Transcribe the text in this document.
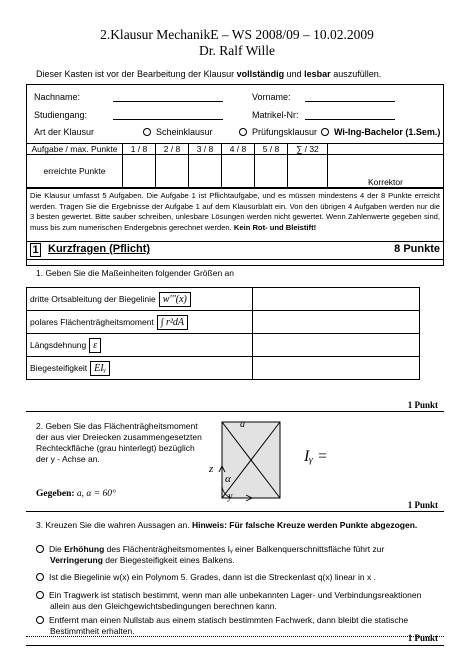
2.Klausur MechanikE – WS 2008/09 – 10.02.2009
Dr. Ralf Wille
Dieser Kasten ist vor der Bearbeitung der Klausur vollständig und lesbar auszufüllen.
Nachname:	Vorname:
Studiengang:	Matrikel-Nr:
Art der Klausur	Scheinklausur	Prüfungsklausur	Wi-Ing-Bachelor (1.Sem.)
Aufgabe / max. Punkte	1 / 8	2 / 8	3 / 8	4 / 8	5 / 8	∑ / 32	
erreichte Punkte							Korrektor
Die Klausur umfasst 5 Aufgaben. Die Aufgabe 1 ist Pflichtaufgabe, und es müssen mindestens 4 der 8 Punkte erreicht werden. Tragen Sie die Ergebnisse der Aufgabe 1 auf dem Klausurblatt ein. Von den übrigen 4 Aufgaben werden nur die 3 besten gewertet. Bitte sauber schreiben, unlesbare Lösungen werden nicht gewertet. Wenn Zahlenwerte gegeben sind, muss bis zum numerischen Endergebnis gerechnet werden. Kein Rot- und Bleistift!
1 Kurzfragen (Pflicht)	8 Punkte
1. Geben Sie die Maßeinheiten folgender Größen an
dritte Ortsableitung der Biegelinie w'''(x)	
polares Flächenträgheitsmoment ∫ r²dA	
Längsdehnung ε	
Biegesteifigkeit EIᵧ	
1 Punkt
2. Geben Sie das Flächenträgheitsmoment
der aus vier Dreiecken zusammengesetzten
Rechteckfläche (grau hinterlegt) bezüglich
der y - Achse an.
Gegeben: a, α = 60°
a
z
y
α
Iᵧ =
1 Punkt
3. Kreuzen Sie die wahren Aussagen an. Hinweis: Für falsche Kreuze werden Punkte abgezogen.
Die Erhöhung des Flächenträgheitsmomentes Iᵧ einer Balkenquerschnittsfläche führt zur
Verringerung der Biegesteifigkeit eines Balkens.
Ist die Biegelinie w(x) ein Polynom 5. Grades, dann ist die Streckenlast q(x) linear in x .
Ein Tragwerk ist statisch bestimmt, wenn man alle unbekannten Lager- und Verbindungsreaktionen
allein aus den Gleichgewichtsbedingungen berechnen kann.
Entfernt man einen Nullstab aus einem statisch bestimmten Fachwerk, dann bleibt die statische
Bestimmtheit erhalten.
1 Punkt
